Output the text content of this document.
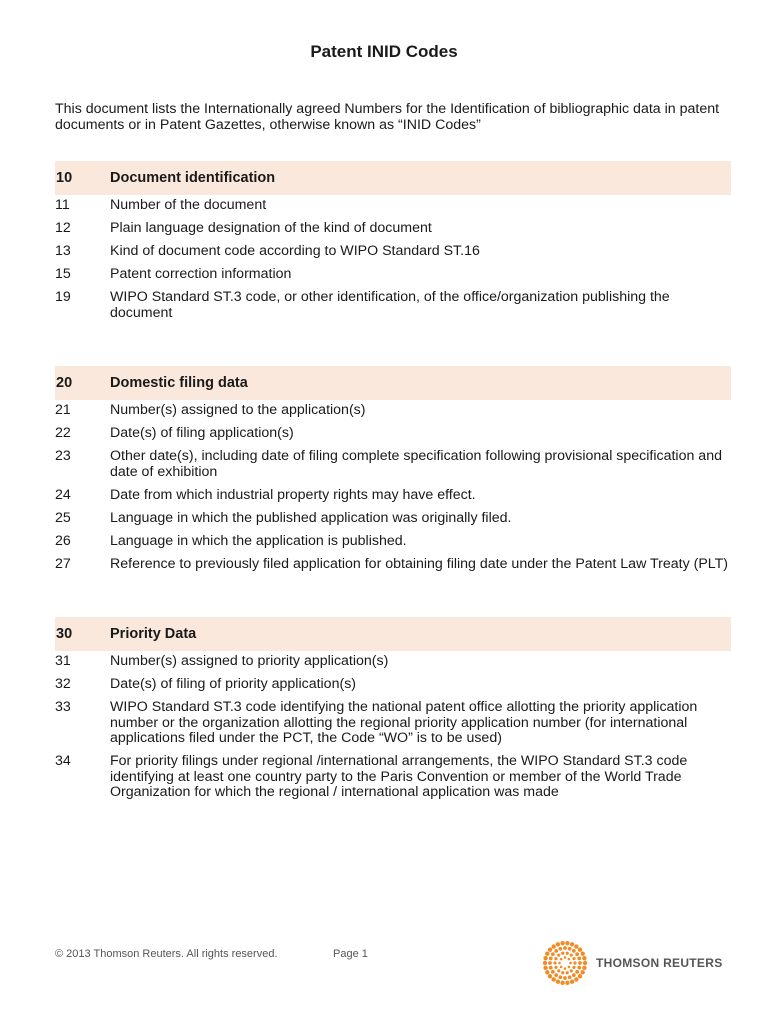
Patent INID Codes
This document lists the Internationally agreed Numbers for the Identification of bibliographic data in patent
documents or in Patent Gazettes, otherwise known as “INID Codes”
10	Document identification
11	Number of the document
12	Plain language designation of the kind of document
13	Kind of document code according to WIPO Standard ST.16
15	Patent correction information
19	WIPO Standard ST.3 code, or other identification, of the office/organization publishing the
document
20	Domestic filing data
21	Number(s) assigned to the application(s)
22	Date(s) of filing application(s)
23	Other date(s), including date of filing complete specification following provisional specification and
date of exhibition
24	Date from which industrial property rights may have effect.
25	Language in which the published application was originally filed.
26	Language in which the application is published.
27	Reference to previously filed application for obtaining filing date under the Patent Law Treaty (PLT)
30	Priority Data
31	Number(s) assigned to priority application(s)
32	Date(s) of filing of priority application(s)
33	WIPO Standard ST.3 code identifying the national patent office allotting the priority application
number or the organization allotting the regional priority application number (for international
applications filed under the PCT, the Code “WO” is to be used)
34	For priority filings under regional /international arrangements, the WIPO Standard ST.3 code
identifying at least one country party to the Paris Convention or member of the World Trade
Organization for which the regional / international application was made
© 2013 Thomson Reuters. All rights reserved.	Page 1
THOMSON REUTERS
